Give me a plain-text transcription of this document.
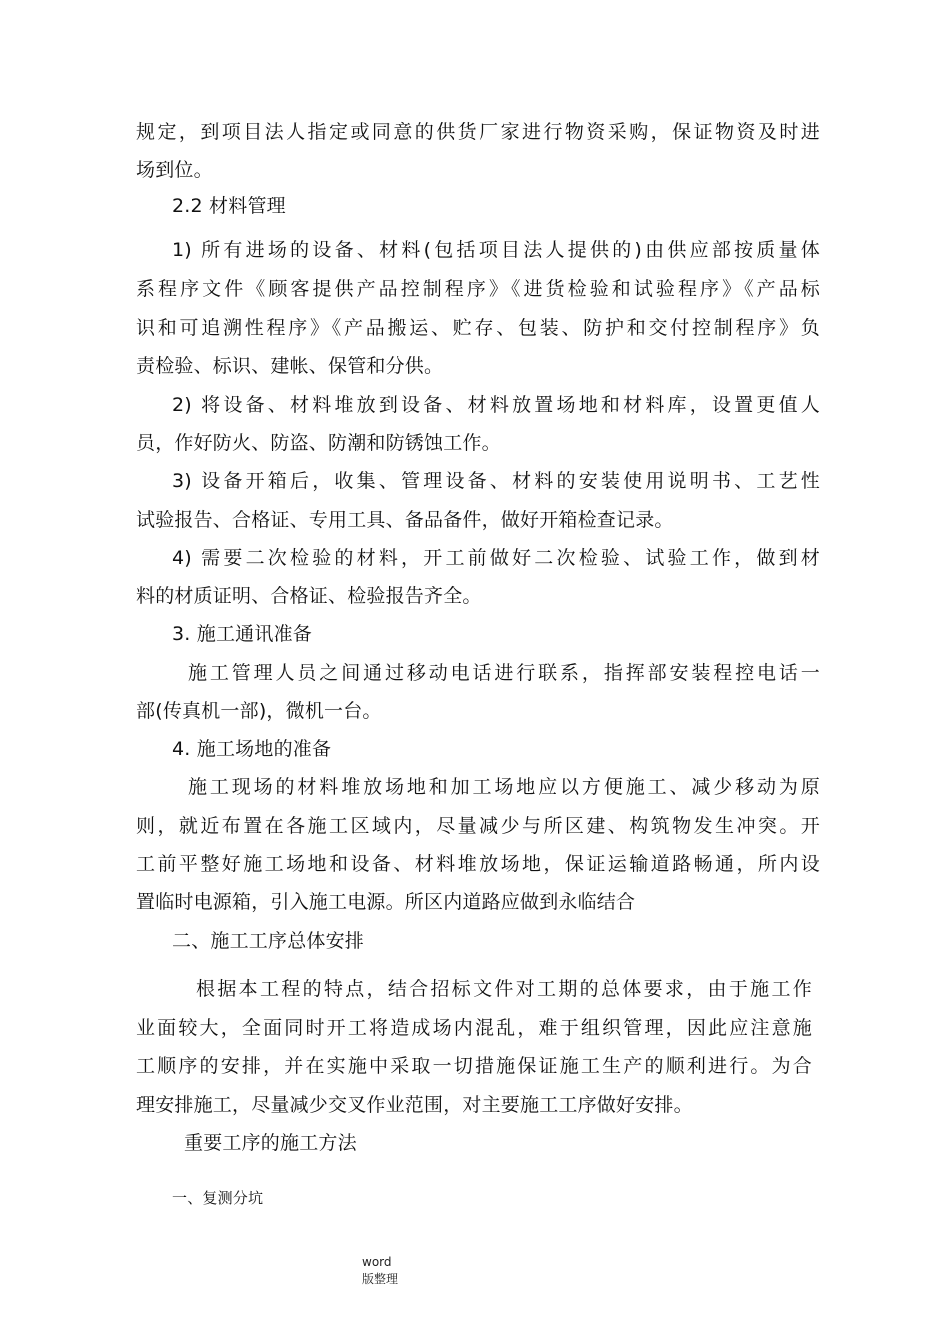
规定，到项目法人指定或同意的供货厂家进行物资采购，保证物资及时进
场到位。
2.2 材料管理
1) 所有进场的设备、材料(包括项目法人提供的)由供应部按质量体
系程序文件《顾客提供产品控制程序》《进货检验和试验程序》《产品标
识和可追溯性程序》《产品搬运、贮存、包装、防护和交付控制程序》负
责检验、标识、建帐、保管和分供。
2) 将设备、材料堆放到设备、材料放置场地和材料库，设置更值人
员，作好防火、防盗、防潮和防锈蚀工作。
3) 设备开箱后，收集、管理设备、材料的安装使用说明书、工艺性
试验报告、合格证、专用工具、备品备件，做好开箱检查记录。
4) 需要二次检验的材料，开工前做好二次检验、试验工作，做到材
料的材质证明、合格证、检验报告齐全。
3. 施工通讯准备
施工管理人员之间通过移动电话进行联系，指挥部安装程控电话一
部(传真机一部)，微机一台。
4. 施工场地的准备
施工现场的材料堆放场地和加工场地应以方便施工、减少移动为原
则，就近布置在各施工区域内，尽量减少与所区建、构筑物发生冲突。开
工前平整好施工场地和设备、材料堆放场地，保证运输道路畅通，所内设
置临时电源箱，引入施工电源。所区内道路应做到永临结合
二、施工工序总体安排
根据本工程的特点，结合招标文件对工期的总体要求，由于施工作
业面较大，全面同时开工将造成场内混乱，难于组织管理，因此应注意施
工顺序的安排，并在实施中采取一切措施保证施工生产的顺利进行。为合
理安排施工，尽量减少交叉作业范围，对主要施工工序做好安排。
重要工序的施工方法
一、复测分坑
word
版整理
